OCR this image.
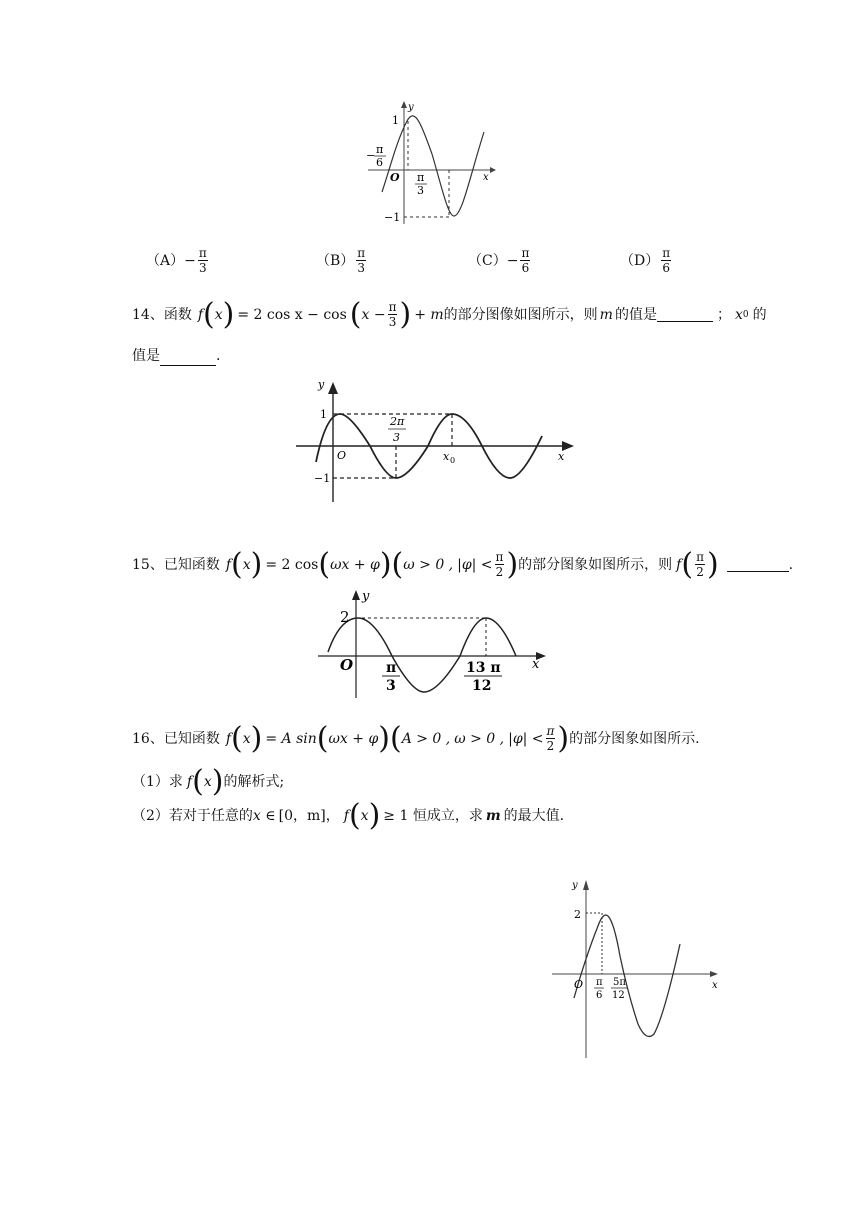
y
x
O
1
−1
− π
6
π
3
$(A) - \frac{\pi}{3}$	$(B) \frac{\pi}{3}$	$(C) - \frac{\pi}{6}$	$(D) \frac{\pi}{6}$
14、函数 f ( x ) = 2 cos x − cos ( $x - \frac{\pi}{3}$ ) + m 的部分图像如图所示，则 m 的值是	； x 0 的
值是	.
y
x
O
1
−1
2π
3
x 0
15、已知函数 f ( x ) = 2 cos ( ωx + φ ) ( ω > 0 , $|\varphi| < \frac{\pi}{2}$ ) 的部分图象如图所示，则 f ( $\frac{\pi}{2}$ )	.
y
x
O
2
π
3
13 π
12
16、已知函数 f ( x ) = A sin ( ωx + φ ) ( A > 0 , ω > 0 , $|\varphi| < \frac{\pi}{2}$ ) 的部分图象如图所示.
（1）求 f ( x ) 的解析式;
（2）若对于任意的 x ∈ [0，m] ， f ( x ) ≥ 1 恒成立，求 m 的最大值.
y
x
O
2
π
6
5π
12
